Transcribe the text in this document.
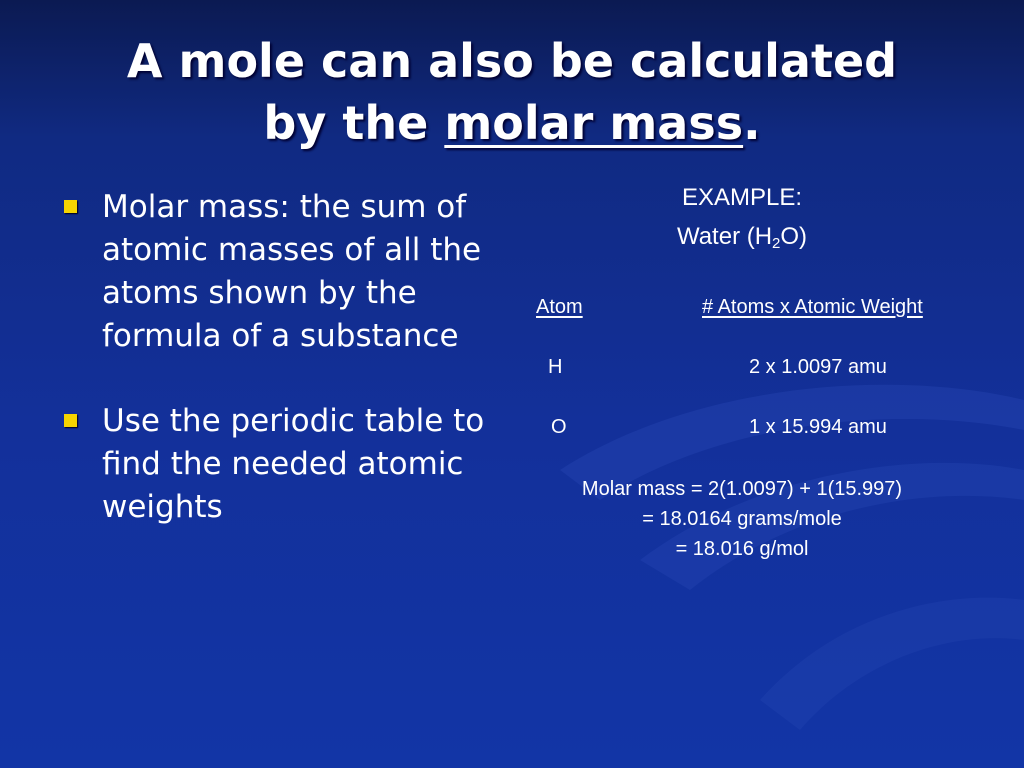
A mole can also be calculated
by the molar mass.
Molar mass: the sum of atomic masses of all the atoms shown by the formula of a substance
Use the periodic table to find the needed atomic weights
EXAMPLE:
Water $(H_2O)$
Atom	# Atoms x Atomic Weight
H	2 x 1.0097 amu
O	1 x 15.994 amu
Molar mass = 2(1.0097) + 1(15.997)
= 18.0164 grams/mole
= 18.016 g/mol
